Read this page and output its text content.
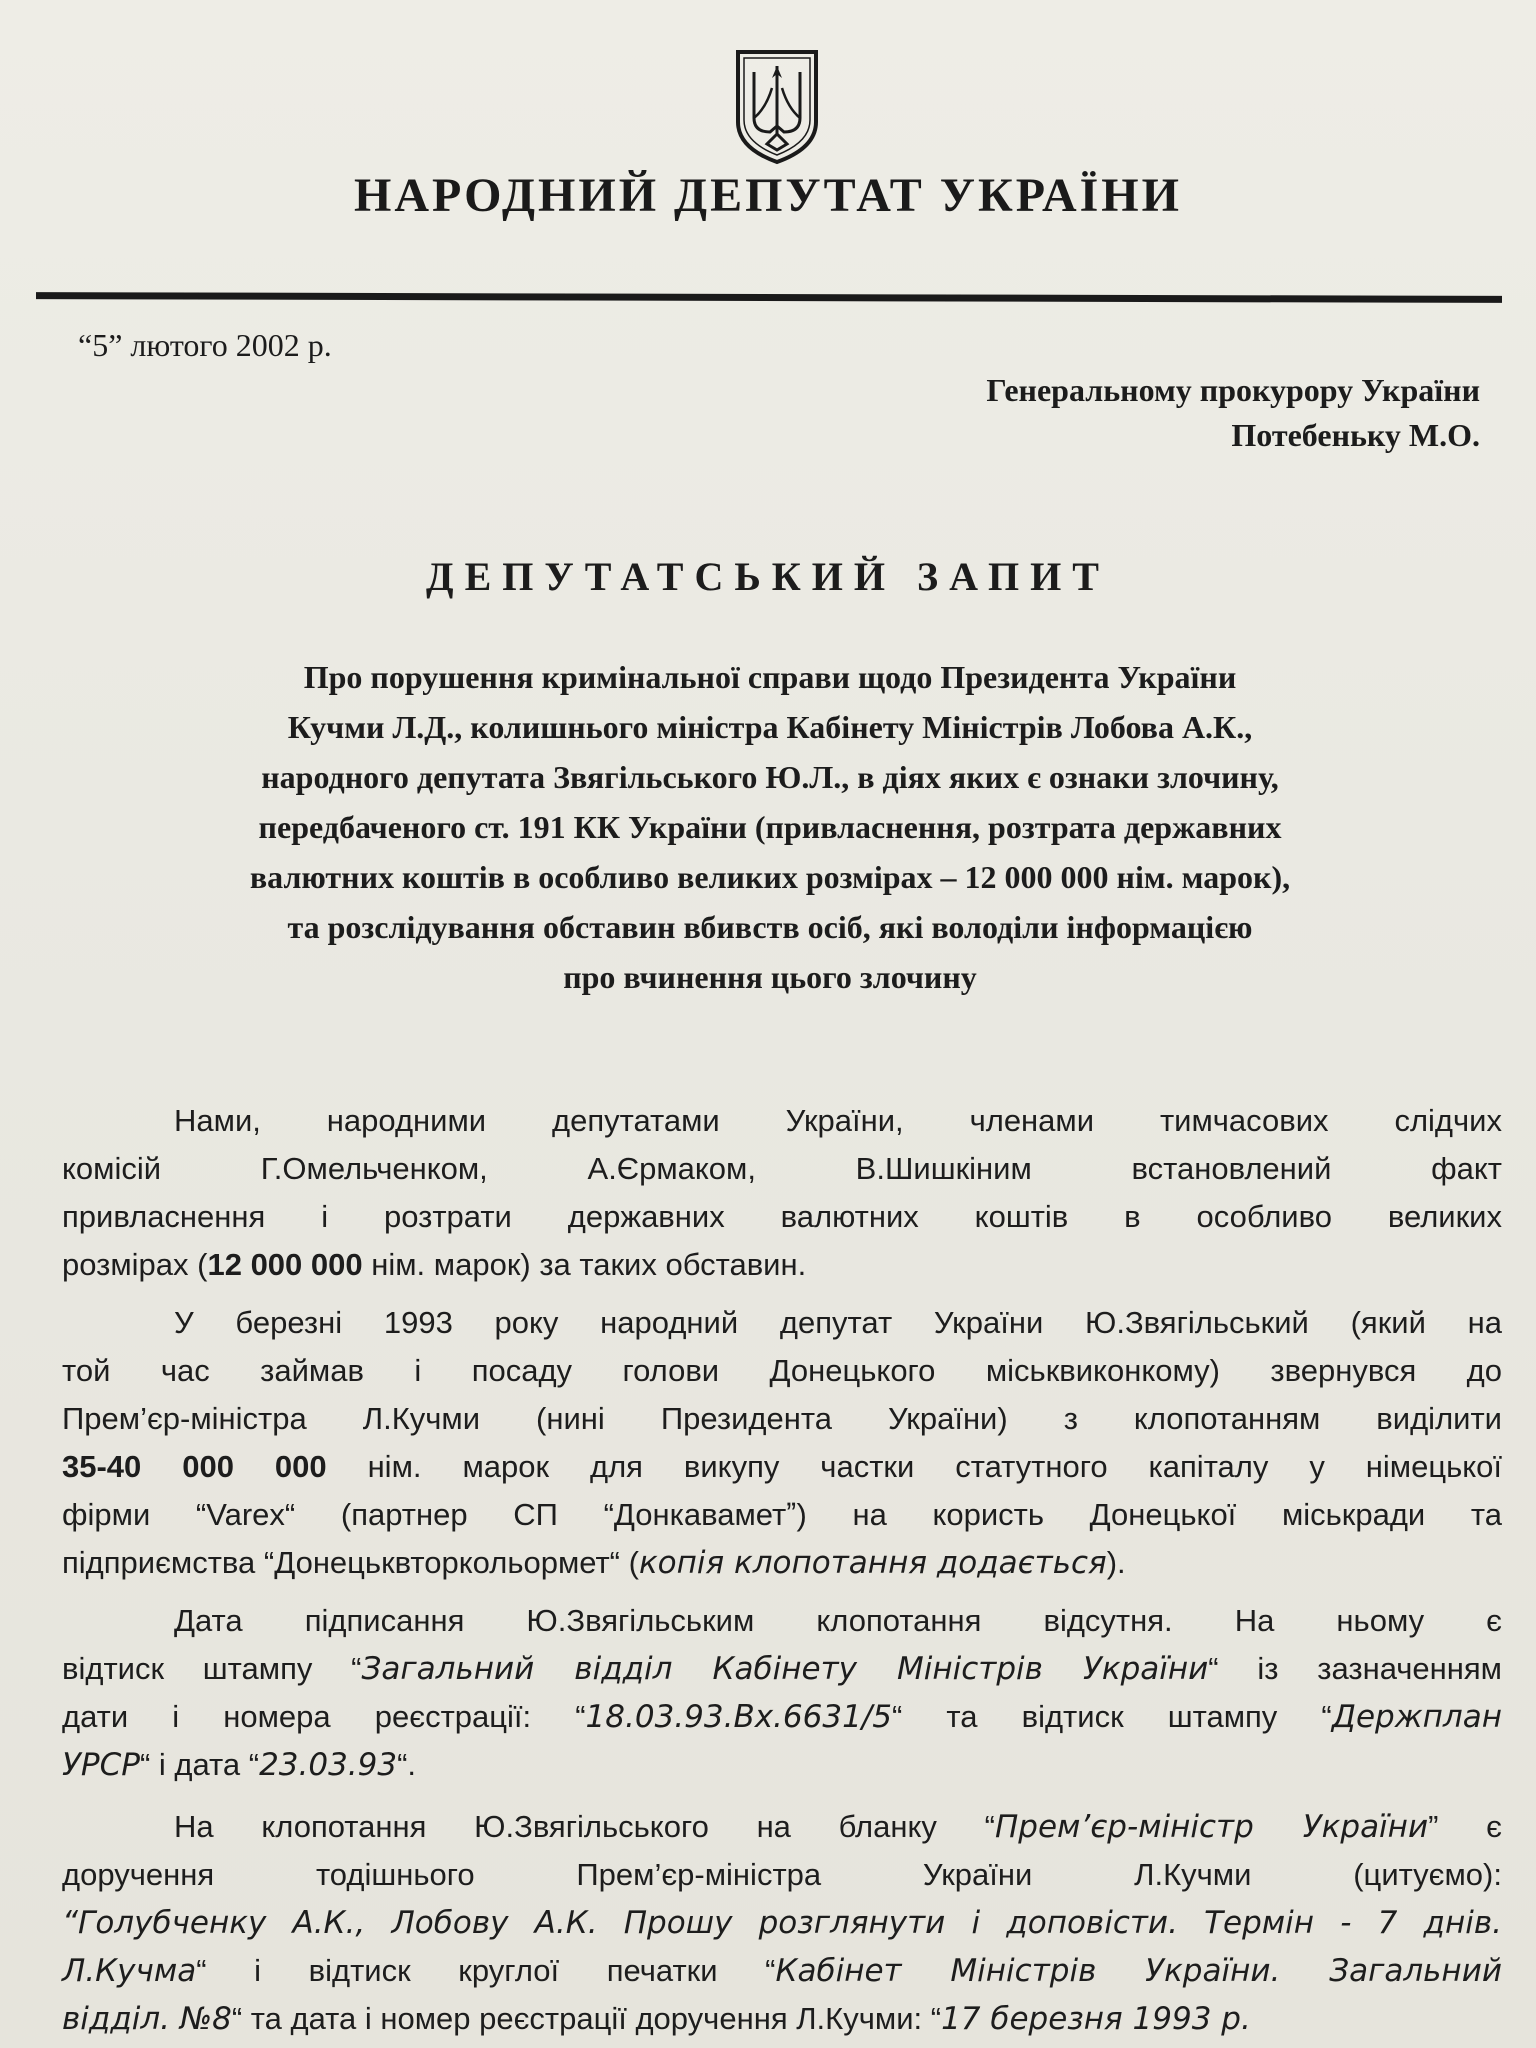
НАРОДНИЙ ДЕПУТАТ УКРАЇНИ
“5” лютого 2002 р.
Генеральному прокурору України
Потебеньку М.О.
ДЕПУТАТСЬКИЙ ЗАПИТ
Про порушення кримінальної справи щодо Президента України
Кучми Л.Д., колишнього міністра Кабінету Міністрів Лобова А.К.,
народного депутата Звягільського Ю.Л., в діях яких є ознаки злочину,
передбаченого ст. 191 КК України (привласнення, розтрата державних
валютних коштів в особливо великих розмірах – 12 000 000 нім. марок),
та розслідування обставин вбивств осіб, які володіли інформацією
про вчинення цього злочину
Нами, народними депутатами України, членами тимчасових слідчих
комісій Г.Омельченком, А.Єрмаком, В.Шишкіним встановлений факт
привласнення і розтрати державних валютних коштів в особливо великих
розмірах (12 000 000 нім. марок) за таких обставин.
У березні 1993 року народний депутат України Ю.Звягільський (який на
той час займав і посаду голови Донецького міськвиконкому) звернувся до
Прем’єр-міністра Л.Кучми (нині Президента України) з клопотанням виділити
35-40 000 000 нім. марок для викупу частки статутного капіталу у німецької
фірми “Varex“ (партнер СП “Донкаваметˮ) на користь Донецької міськради та
підприємства “Донецьквторкольормет“ (копія клопотання додається).
Дата підписання Ю.Звягільським клопотання відсутня. На ньому є
відтиск штампу “Загальний відділ Кабінету Міністрів України“ із зазначенням
дати і номера реєстрації: “18.03.93.Вх.6631/5“ та відтиск штампу “Держплан
УРСР“ і дата “23.03.93“.
На клопотання Ю.Звягільського на бланку “Прем’єр-міністр України” є
доручення тодішнього Прем’єр-міністра України Л.Кучми (цитуємо):
“Голубченку А.К., Лобову А.К. Прошу розглянути і доповісти. Термін - 7 днів.
Л.Кучма“ і відтиск круглої печатки “Кабінет Міністрів України. Загальний
відділ. №8“ та дата і номер реєстрації доручення Л.Кучми: “17 березня 1993 р.
